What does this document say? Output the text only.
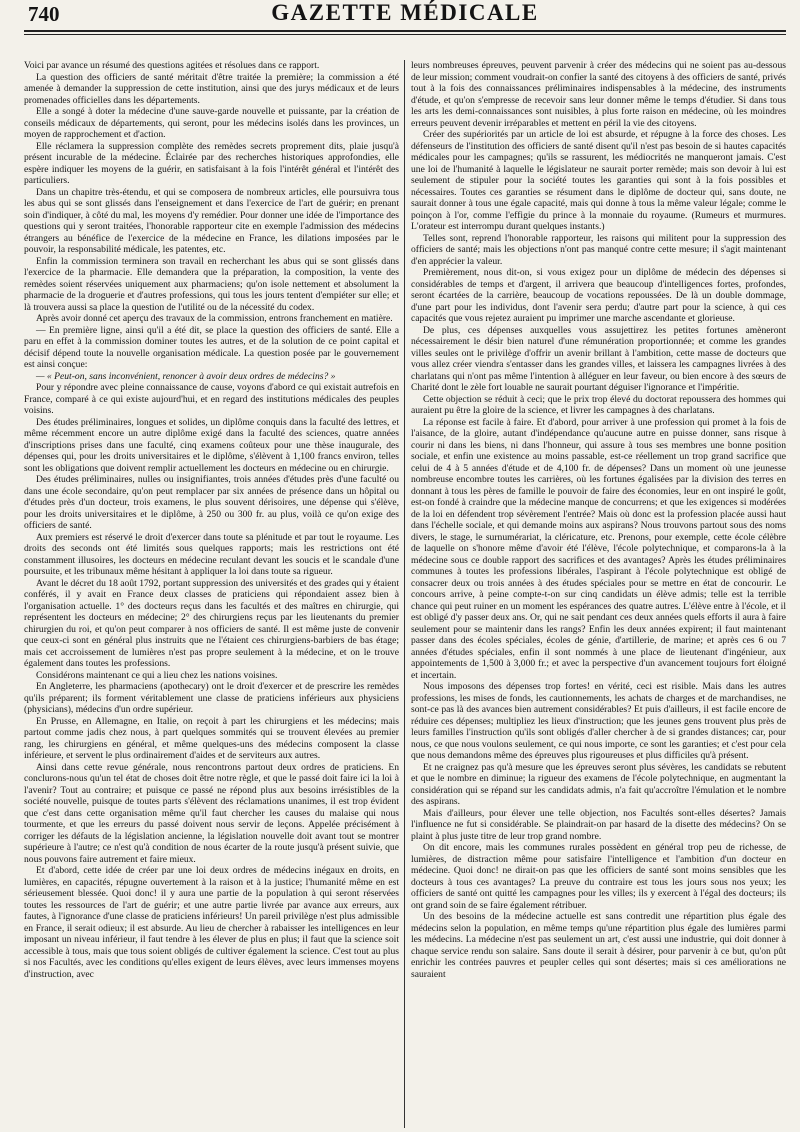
740	GAZETTE MÉDICALE

Voici par avance un résumé des questions agitées et résolues dans ce rapport.

La question des officiers de santé méritait d'être traitée la première; la commission a été amenée à demander la suppression de cette institution, ainsi que des jurys médicaux et de leurs promenades officielles dans les départements.

Elle a songé à doter la médecine d'une sauve-garde nouvelle et puissante, par la création de conseils médicaux de départements, qui seront, pour les médecins isolés dans les provinces, un moyen de rapprochement et d'action.

Elle réclamera la suppression complète des remèdes secrets proprement dits, plaie jusqu'à présent incurable de la médecine. Éclairée par des recherches historiques approfondies, elle espère indiquer les moyens de la guérir, en satisfaisant à la fois l'intérêt général et l'intérêt des particuliers.

Dans un chapitre très-étendu, et qui se composera de nombreux articles, elle poursuivra tous les abus qui se sont glissés dans l'enseignement et dans l'exercice de l'art de guérir; en prenant soin d'indiquer, à côté du mal, les moyens d'y remédier. Pour donner une idée de l'importance des questions qui y seront traitées, l'honorable rapporteur cite en exemple l'admission des médecins étrangers au bénéfice de l'exercice de la médecine en France, les dilations imposées par le pouvoir, la responsabilité médicale, les patentes, etc.

Enfin la commission terminera son travail en recherchant les abus qui se sont glissés dans l'exercice de la pharmacie. Elle demandera que la préparation, la composition, la vente des remèdes soient réservées uniquement aux pharmaciens; qu'on isole nettement et absolument la pharmacie de la droguerie et d'autres professions, qui tous les jours tentent d'empiéter sur elle; et là trouvera aussi sa place la question de l'utilité ou de la nécessité du codex.

Après avoir donné cet aperçu des travaux de la commission, entrons franchement en matière.

— En première ligne, ainsi qu'il a été dit, se place la question des officiers de santé. Elle a paru en effet à la commission dominer toutes les autres, et de la solution de ce point capital et décisif dépend toute la nouvelle organisation médicale. La question posée par le gouvernement est ainsi conçue:

— « Peut-on, sans inconvénient, renoncer à avoir deux ordres de médecins? »

Pour y répondre avec pleine connaissance de cause, voyons d'abord ce qui existait autrefois en France, comparé à ce qui existe aujourd'hui, et en regard des institutions médicales des peuples voisins.

Des études préliminaires, longues et solides, un diplôme conquis dans la faculté des lettres, et même récemment encore un autre diplôme exigé dans la faculté des sciences, quatre années d'inscriptions prises dans une faculté, cinq examens coûteux pour une thèse inaugurale, des dépenses qui, pour les droits universitaires et le diplôme, s'élèvent à 1,100 francs environ, telles sont les obligations que doivent remplir actuellement les docteurs en médecine ou en chirurgie.

Des études préliminaires, nulles ou insignifiantes, trois années d'études près d'une faculté ou dans une école secondaire, qu'on peut remplacer par six années de présence dans un hôpital ou d'études près d'un docteur, trois examens, le plus souvent dérisoires, une dépense qui s'élève, pour les droits universitaires et le diplôme, à 250 ou 300 fr. au plus, voilà ce qu'on exige des officiers de santé.

Aux premiers est réservé le droit d'exercer dans toute sa plénitude et par tout le royaume. Les droits des seconds ont été limités sous quelques rapports; mais les restrictions ont été constamment illusoires, les docteurs en médecine reculant devant les soucis et le scandale d'une poursuite, et les tribunaux même hésitant à appliquer la loi dans toute sa rigueur.

Avant le décret du 18 août 1792, portant suppression des universités et des grades qui y étaient conférés, il y avait en France deux classes de praticiens qui répondaient assez bien à l'organisation actuelle. 1° des docteurs reçus dans les facultés et des maîtres en chirurgie, qui représentent les docteurs en médecine; 2° des chirurgiens reçus par les lieutenants du premier chirurgien du roi, et qu'on peut comparer à nos officiers de santé. Il est même juste de convenir que ceux-ci sont en général plus instruits que ne l'étaient ces chirurgiens-barbiers de bas étage; mais cet accroissement de lumières n'est pas propre seulement à la médecine, et on le trouve également dans toutes les professions.

Considérons maintenant ce qui a lieu chez les nations voisines.

En Angleterre, les pharmaciens (apothecary) ont le droit d'exercer et de prescrire les remèdes qu'ils préparent; ils forment véritablement une classe de praticiens inférieurs aux physiciens (physicians), médecins d'un ordre supérieur.

En Prusse, en Allemagne, en Italie, on reçoit à part les chirurgiens et les médecins; mais partout comme jadis chez nous, à part quelques sommités qui se trouvent élevées au premier rang, les chirurgiens en général, et même quelques-uns des médecins composent la classe inférieure, et servent le plus ordinairement d'aides et de serviteurs aux autres.

Ainsi dans cette revue générale, nous rencontrons partout deux ordres de praticiens. En conclurons-nous qu'un tel état de choses doit être notre règle, et que le passé doit faire ici la loi à l'avenir? Tout au contraire; et puisque ce passé ne répond plus aux besoins irrésistibles de la société nouvelle, puisque de toutes parts s'élèvent des réclamations unanimes, il est trop évident que c'est dans cette organisation même qu'il faut chercher les causes du malaise qui nous tourmente, et que les erreurs du passé doivent nous servir de leçons. Appelée précisément à corriger les défauts de la législation ancienne, la législation nouvelle doit avant tout se montrer supérieure à l'autre; ce n'est qu'à condition de nous écarter de la route jusqu'à présent suivie, que nous pouvons faire autrement et faire mieux.

Et d'abord, cette idée de créer par une loi deux ordres de médecins inégaux en droits, en lumières, en capacités, répugne ouvertement à la raison et à la justice; l'humanité même en est sérieusement blessée. Quoi donc! il y aura une partie de la population à qui seront réservées toutes les ressources de l'art de guérir; et une autre partie livrée par avance aux erreurs, aux fautes, à l'ignorance d'une classe de praticiens inférieurs! Un pareil privilège n'est plus admissible en France, il serait odieux; il est absurde. Au lieu de chercher à rabaisser les intelligences en leur imposant un niveau inférieur, il faut tendre à les élever de plus en plus; il faut que la science soit accessible à tous, mais que tous soient obligés de cultiver également la science. C'est tout au plus si nos Facultés, avec les conditions qu'elles exigent de leurs élèves, avec leurs immenses moyens d'instruction, avec

leurs nombreuses épreuves, peuvent parvenir à créer des médecins qui ne soient pas au-dessous de leur mission; comment voudrait-on confier la santé des citoyens à des officiers de santé, privés tout à la fois des connaissances préliminaires indispensables à la médecine, des instruments d'étude, et qu'on s'empresse de recevoir sans leur donner même le temps d'étudier. Si dans tous les arts les demi-connaissances sont nuisibles, à plus forte raison en médecine, où les moindres erreurs peuvent devenir irréparables et mettent en péril la vie des citoyens.

Créer des supériorités par un article de loi est absurde, et répugne à la force des choses. Les défenseurs de l'institution des officiers de santé disent qu'il n'est pas besoin de si hautes capacités médicales pour les campagnes; qu'ils se rassurent, les médiocrités ne manqueront jamais. C'est une loi de l'humanité à laquelle le législateur ne saurait porter remède; mais son devoir à lui est seulement de stipuler pour la société toutes les garanties qui sont à la fois possibles et nécessaires. Toutes ces garanties se résument dans le diplôme de docteur qui, sans doute, ne saurait donner à tous une égale capacité, mais qui donne à tous la même valeur légale; comme le poinçon à l'or, comme l'effigie du prince à la monnaie du royaume. (Rumeurs et murmures. L'orateur est interrompu durant quelques instants.)

Telles sont, reprend l'honorable rapporteur, les raisons qui militent pour la suppression des officiers de santé; mais les objections n'ont pas manqué contre cette mesure; il s'agit maintenant d'en apprécier la valeur.

Premièrement, nous dit-on, si vous exigez pour un diplôme de médecin des dépenses si considérables de temps et d'argent, il arrivera que beaucoup d'intelligences fortes, profondes, seront écartées de la carrière, beaucoup de vocations repoussées. De là un double dommage, d'une part pour les individus, dont l'avenir sera perdu; d'autre part pour la science, à qui ces capacités que vous rejetez auraient pu imprimer une marche ascendante et glorieuse.

De plus, ces dépenses auxquelles vous assujettirez les petites fortunes amèneront nécessairement le désir bien naturel d'une rémunération proportionnée; et comme les grandes villes seules ont le privilège d'offrir un avenir brillant à l'ambition, cette masse de docteurs que vous allez créer viendra s'entasser dans les grandes villes, et laissera les campagnes livrées à des charlatans qui n'ont pas même l'intention à alléguer en leur faveur, ou bien encore à des sœurs de Charité dont le zèle fort louable ne saurait pourtant déguiser l'ignorance et l'impéritie.

Cette objection se réduit à ceci; que le prix trop élevé du doctorat repoussera des hommes qui auraient pu être la gloire de la science, et livrer les campagnes à des charlatans.

La réponse est facile à faire. Et d'abord, pour arriver à une profession qui promet à la fois de l'aisance, de la gloire, autant d'indépendance qu'aucune autre en puisse donner, sans risque à courir ni dans les biens, ni dans l'honneur, qui assure à tous ses membres une bonne position sociale, et enfin une existence au moins passable, est-ce réellement un trop grand sacrifice que celui de 4 à 5 années d'étude et de 4,100 fr. de dépenses? Dans un moment où une jeunesse nombreuse encombre toutes les carrières, où les fortunes égalisées par la division des terres en donnant à tous les pères de famille le pouvoir de faire des économies, leur en ont inspiré le goût, est-on fondé à craindre que la médecine manque de concurrens; et que les exigences si modérées de la loi en défendent trop sévèrement l'entrée? Mais où donc est la profession placée aussi haut dans l'échelle sociale, et qui demande moins aux aspirans? Nous trouvons partout sous des noms divers, le stage, le surnumérariat, la cléricature, etc. Prenons, pour exemple, cette école célèbre de laquelle on s'honore même d'avoir été l'élève, l'école polytechnique, et comparons-la à la médecine sous ce double rapport des sacrifices et des avantages? Après les études préliminaires communes à toutes les professions libérales, l'aspirant à l'école polytechnique est obligé de consacrer deux ou trois années à des études spéciales pour se mettre en état de concourir. Le concours arrive, à peine compte-t-on sur cinq candidats un élève admis; telle est la terrible chance qui peut ruiner en un moment les espérances des quatre autres. L'élève entre à l'école, et il est obligé d'y passer deux ans. Or, qui ne sait pendant ces deux années quels efforts il aura à faire seulement pour se maintenir dans les rangs? Enfin les deux années expirent; il faut maintenant passer dans des écoles spéciales, écoles de génie, d'artillerie, de marine; et après ces 6 ou 7 années d'études spéciales, enfin il sont nommés à une place de lieutenant d'ingénieur, aux appointements de 1,500 à 3,000 fr.; et avec la perspective d'un avancement toujours fort éloigné et incertain.

Nous imposons des dépenses trop fortes! en vérité, ceci est risible. Mais dans les autres professions, les mises de fonds, les cautionnements, les achats de charges et de marchandises, ne sont-ce pas là des avances bien autrement considérables? Et puis d'ailleurs, il est facile encore de réduire ces dépenses; multipliez les lieux d'instruction; que les jeunes gens trouvent plus près de leurs familles l'instruction qu'ils sont obligés d'aller chercher à de si grandes distances; car, pour nous, ce que nous voulons seulement, ce qui nous importe, ce sont les garanties; et c'est pour cela que nous demandons même des épreuves plus rigoureuses et plus difficiles qu'à présent.

Et ne craignez pas qu'à mesure que les épreuves seront plus sévères, les candidats se rebutent et que le nombre en diminue; la rigueur des examens de l'école polytechnique, en augmentant la considération qui se répand sur les candidats admis, n'a fait qu'accroître l'émulation et le nombre des aspirans.

Mais d'ailleurs, pour élever une telle objection, nos Facultés sont-elles désertes? Jamais l'influence ne fut si considérable. Se plaindrait-on par hasard de la disette des médecins? On se plaint à plus juste titre de leur trop grand nombre.

On dit encore, mais les communes rurales possèdent en général trop peu de richesse, de lumières, de distraction même pour satisfaire l'intelligence et l'ambition d'un docteur en médecine. Quoi donc! ne dirait-on pas que les officiers de santé sont moins sensibles que les docteurs à tous ces avantages? La preuve du contraire est tous les jours sous nos yeux; les officiers de santé ont quitté les campagnes pour les villes; ils y exercent à l'égal des docteurs; ils ont grand soin de se faire également rétribuer.

Un des besoins de la médecine actuelle est sans contredit une répartition plus égale des médecins selon la population, en même temps qu'une répartition plus égale des lumières parmi les médecins. La médecine n'est pas seulement un art, c'est aussi une industrie, qui doit donner à chaque service rendu son salaire. Sans doute il serait à désirer, pour parvenir à ce but, qu'on pût enrichir les contrées pauvres et peupler celles qui sont désertes; mais si ces améliorations ne sauraient
